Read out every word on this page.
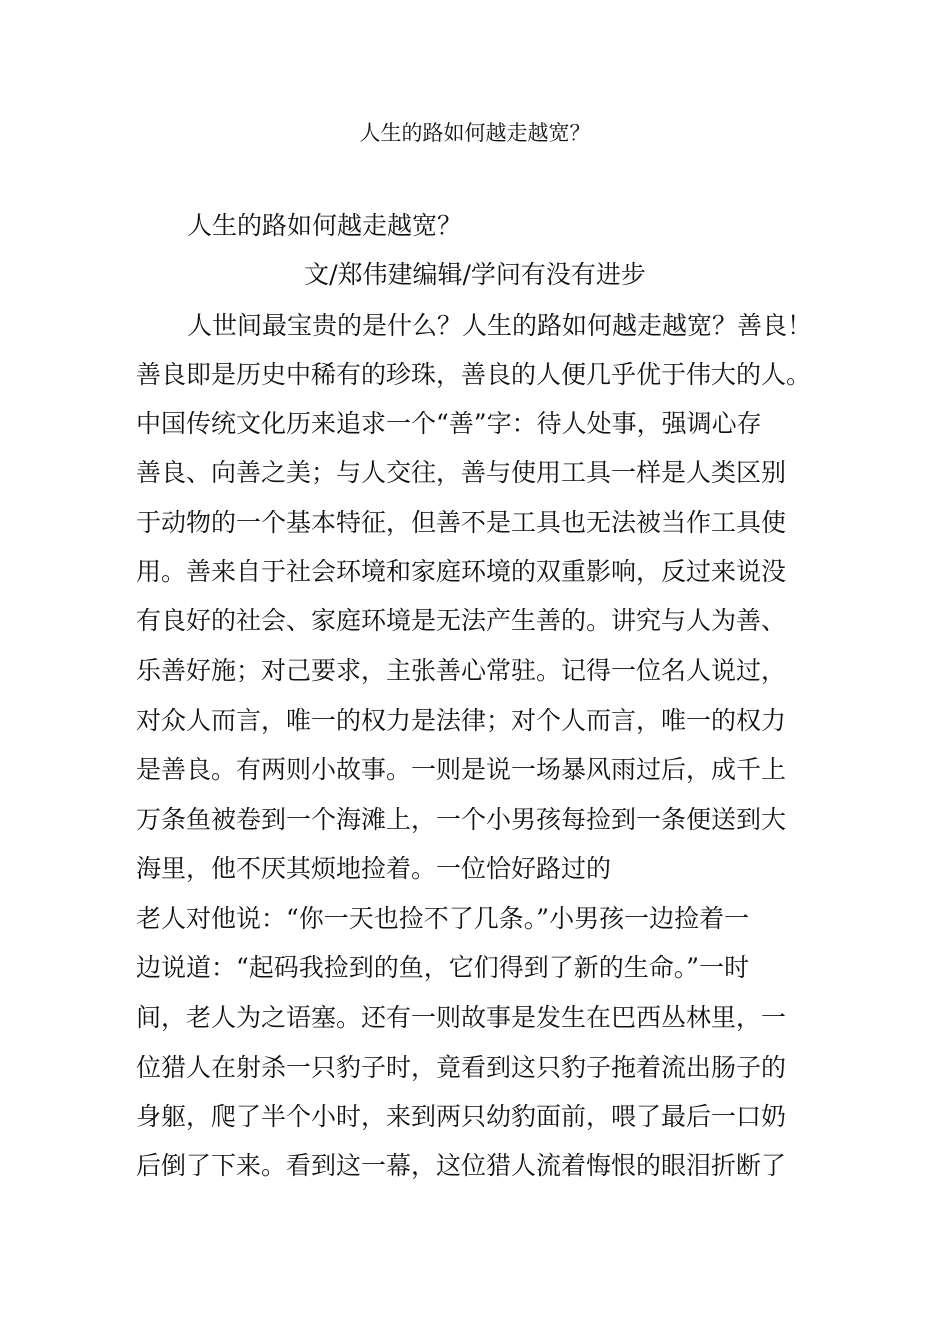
人生的路如何越走越宽？
人生的路如何越走越宽？
文/郑伟建编辑/学问有没有进步
人世间最宝贵的是什么？人生的路如何越走越宽？善良！
善良即是历史中稀有的珍珠，善良的人便几乎优于伟大的人。
中国传统文化历来追求一个“善”字：待人处事，强调心存
善良、向善之美；与人交往，善与使用工具一样是人类区别
于动物的一个基本特征，但善不是工具也无法被当作工具使
用。善来自于社会环境和家庭环境的双重影响，反过来说没
有良好的社会、家庭环境是无法产生善的。讲究与人为善、
乐善好施；对己要求，主张善心常驻。记得一位名人说过，
对众人而言，唯一的权力是法律；对个人而言，唯一的权力
是善良。有两则小故事。一则是说一场暴风雨过后，成千上
万条鱼被卷到一个海滩上，一个小男孩每捡到一条便送到大
海里，他不厌其烦地捡着。一位恰好路过的
老人对他说：“你一天也捡不了几条。”小男孩一边捡着一
边说道：“起码我捡到的鱼，它们得到了新的生命。”一时
间，老人为之语塞。还有一则故事是发生在巴西丛林里，一
位猎人在射杀一只豹子时，竟看到这只豹子拖着流出肠子的
身躯，爬了半个小时，来到两只幼豹面前，喂了最后一口奶
后倒了下来。看到这一幕，这位猎人流着悔恨的眼泪折断了
